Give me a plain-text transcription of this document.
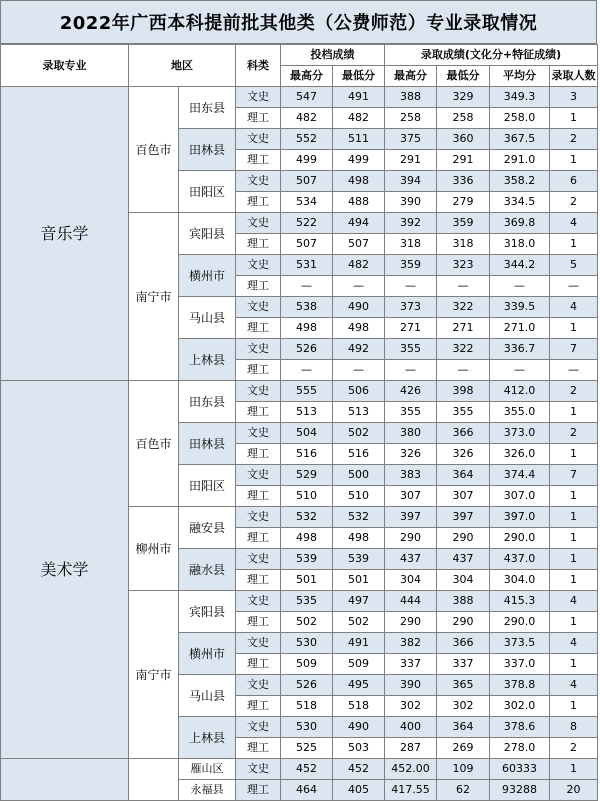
2022年广西本科提前批其他类（公费师范）专业录取情况
录取专业	地区		科类	投档成绩		录取成绩(文化分+特征成绩)			
				最高分	最低分	最高分	最低分	平均分	录取人数
音乐学	百色市	田东县	文史	547	491	388	329	349.3	3
			理工	482	482	258	258	258.0	1
		田林县	文史	552	511	375	360	367.5	2
			理工	499	499	291	291	291.0	1
		田阳区	文史	507	498	394	336	358.2	6
			理工	534	488	390	279	334.5	2
	南宁市	宾阳县	文史	522	494	392	359	369.8	4
			理工	507	507	318	318	318.0	1
		横州市	文史	531	482	359	323	344.2	5
			理工	—	—	—	—	—	—
		马山县	文史	538	490	373	322	339.5	4
			理工	498	498	271	271	271.0	1
		上林县	文史	526	492	355	322	336.7	7
			理工	—	—	—	—	—	—
美术学	百色市	田东县	文史	555	506	426	398	412.0	2
			理工	513	513	355	355	355.0	1
		田林县	文史	504	502	380	366	373.0	2
			理工	516	516	326	326	326.0	1
		田阳区	文史	529	500	383	364	374.4	7
			理工	510	510	307	307	307.0	1
	柳州市	融安县	文史	532	532	397	397	397.0	1
			理工	498	498	290	290	290.0	1
		融水县	文史	539	539	437	437	437.0	1
			理工	501	501	304	304	304.0	1
	南宁市	宾阳县	文史	535	497	444	388	415.3	4
			理工	502	502	290	290	290.0	1
		横州市	文史	530	491	382	366	373.5	4
			理工	509	509	337	337	337.0	1
		马山县	文史	526	495	390	365	378.8	4
			理工	518	518	302	302	302.0	1
		上林县	文史	530	490	400	364	378.6	8
			理工	525	503	287	269	278.0	2
		雁山区	文史	452	452	452.00	109	60333	1
		永福县	理工	464	405	417.55	62	93288	20
